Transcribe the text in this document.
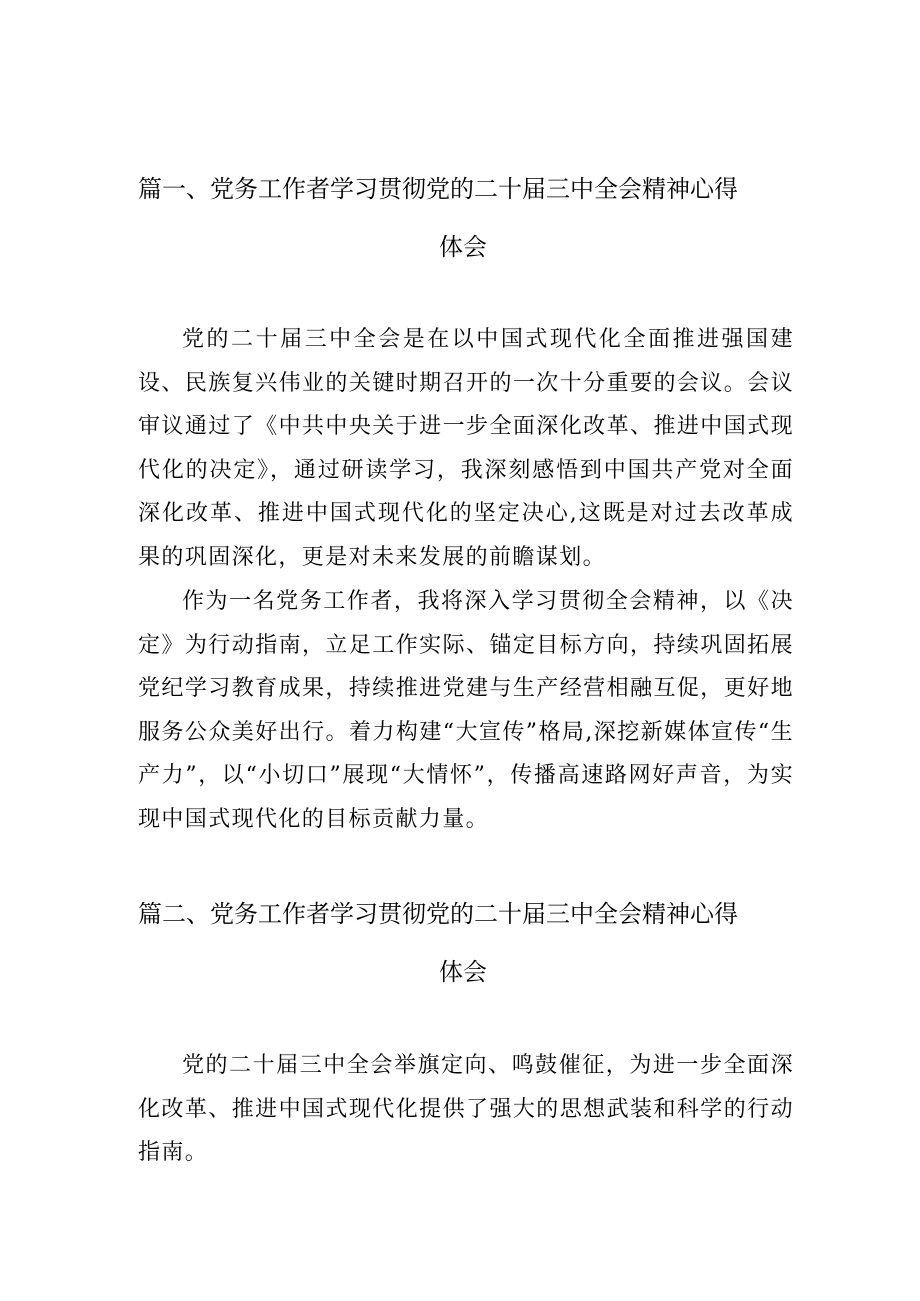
篇一、党务工作者学习贯彻党的二十届三中全会精神心得
体会

党的二十届三中全会是在以中国式现代化全面推进强国建设、民族复兴伟业的关键时期召开的一次十分重要的会议。会议审议通过了《中共中央关于进一步全面深化改革、推进中国式现代化的决定》，通过研读学习，我深刻感悟到中国共产党对全面深化改革、推进中国式现代化的坚定决心,这既是对过去改革成果的巩固深化，更是对未来发展的前瞻谋划。

作为一名党务工作者，我将深入学习贯彻全会精神，以《决定》为行动指南，立足工作实际、锚定目标方向，持续巩固拓展党纪学习教育成果，持续推进党建与生产经营相融互促，更好地服务公众美好出行。着力构建“大宣传”格局,深挖新媒体宣传“生产力”，以“小切口”展现“大情怀”，传播高速路网好声音，为实现中国式现代化的目标贡献力量。

篇二、党务工作者学习贯彻党的二十届三中全会精神心得
体会

党的二十届三中全会举旗定向、鸣鼓催征，为进一步全面深化改革、推进中国式现代化提供了强大的思想武装和科学的行动指南。
